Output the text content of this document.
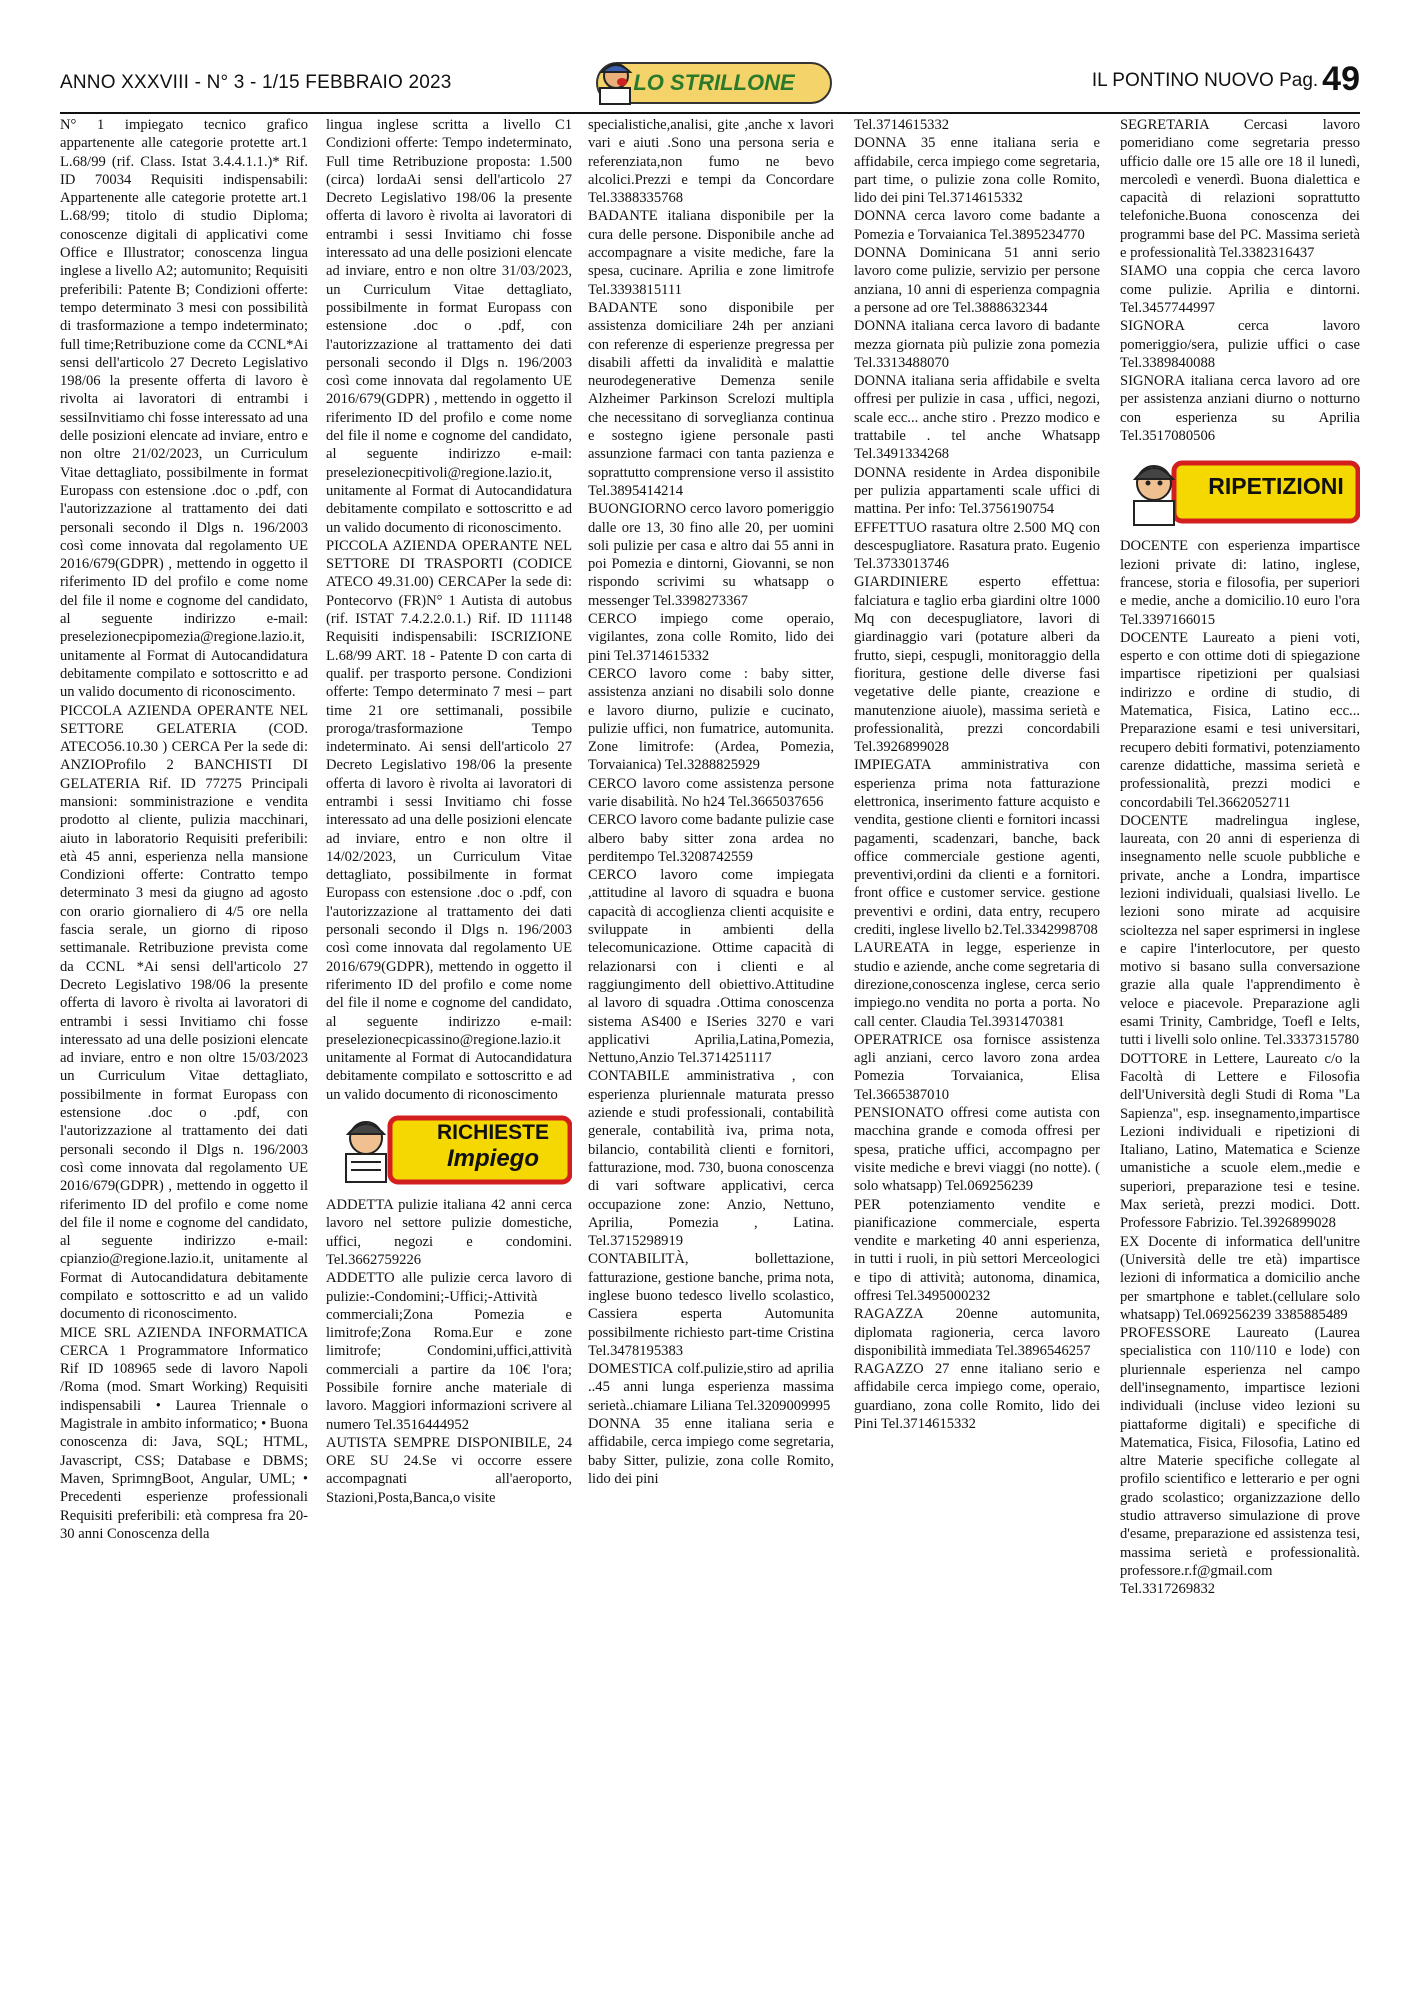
ANNO XXXVIII - N° 3 - 1/15 FEBBRAIO 2023	LO STRILLONE	IL PONTINO NUOVO Pag. 49

N° 1 impiegato tecnico grafico appartenente alle categorie protette art.1 L.68/99 (rif. Class. Istat 3.4.4.1.1.)* Rif. ID 70034 Requisiti indispensabili: Appartenente alle categorie protette art.1 L.68/99; titolo di studio Diploma; conoscenze digitali di applicativi come Office e Illustrator; conoscenza lingua inglese a livello A2; automunito; Requisiti preferibili: Patente B; Condizioni offerte: tempo determinato 3 mesi con possibilità di trasformazione a tempo indeterminato; full time;Retribuzione come da CCNL*Ai sensi dell'articolo 27 Decreto Legislativo 198/06 la presente offerta di lavoro è rivolta ai lavoratori di entrambi i sessiInvitiamo chi fosse interessato ad una delle posizioni elencate ad inviare, entro e non oltre 21/02/2023, un Curriculum Vitae dettagliato, possibilmente in format Europass con estensione .doc o .pdf, con l'autorizzazione al trattamento dei dati personali secondo il Dlgs n. 196/2003 così come innovata dal regolamento UE 2016/679(GDPR) , mettendo in oggetto il riferimento ID del profilo e come nome del file il nome e cognome del candidato, al seguente indirizzo e-mail: preselezionecpipomezia@regione.lazio.it, unitamente al Format di Autocandidatura debitamente compilato e sottoscritto e ad un valido documento di riconoscimento.

PICCOLA AZIENDA OPERANTE NEL SETTORE GELATERIA (COD. ATECO56.10.30 ) CERCA Per la sede di: ANZIOProfilo 2 BANCHISTI DI GELATERIA Rif. ID 77275 Principali mansioni: somministrazione e vendita prodotto al cliente, pulizia macchinari, aiuto in laboratorio Requisiti preferibili: età 45 anni, esperienza nella mansione Condizioni offerte: Contratto tempo determinato 3 mesi da giugno ad agosto con orario giornaliero di 4/5 ore nella fascia serale, un giorno di riposo settimanale. Retribuzione prevista come da CCNL *Ai sensi dell'articolo 27 Decreto Legislativo 198/06 la presente offerta di lavoro è rivolta ai lavoratori di entrambi i sessi Invitiamo chi fosse interessato ad una delle posizioni elencate ad inviare, entro e non oltre 15/03/2023 un Curriculum Vitae dettagliato, possibilmente in format Europass con estensione .doc o .pdf, con l'autorizzazione al trattamento dei dati personali secondo il Dlgs n. 196/2003 così come innovata dal regolamento UE 2016/679(GDPR) , mettendo in oggetto il riferimento ID del profilo e come nome del file il nome e cognome del candidato, al seguente indirizzo e-mail: cpianzio@regione.lazio.it, unitamente al Format di Autocandidatura debitamente compilato e sottoscritto e ad un valido documento di riconoscimento.

MICE SRL AZIENDA INFORMATICA CERCA 1 Programmatore Informatico Rif ID 108965 sede di lavoro Napoli /Roma (mod. Smart Working) Requisiti indispensabili • Laurea Triennale o Magistrale in ambito informatico; • Buona conoscenza di: Java, SQL; HTML, Javascript, CSS; Database e DBMS; Maven, SprimngBoot, Angular, UML; • Precedenti esperienze professionali Requisiti preferibili: età compresa fra 20-30 anni Conoscenza della

lingua inglese scritta a livello C1 Condizioni offerte: Tempo indeterminato, Full time Retribuzione proposta: 1.500 (circa) lordaAi sensi dell'articolo 27 Decreto Legislativo 198/06 la presente offerta di lavoro è rivolta ai lavoratori di entrambi i sessi Invitiamo chi fosse interessato ad una delle posizioni elencate ad inviare, entro e non oltre 31/03/2023, un Curriculum Vitae dettagliato, possibilmente in format Europass con estensione .doc o .pdf, con l'autorizzazione al trattamento dei dati personali secondo il Dlgs n. 196/2003 così come innovata dal regolamento UE 2016/679(GDPR) , mettendo in oggetto il riferimento ID del profilo e come nome del file il nome e cognome del candidato, al seguente indirizzo e-mail: preselezionecpitivoli@regione.lazio.it, unitamente al Format di Autocandidatura debitamente compilato e sottoscritto e ad un valido documento di riconoscimento.

PICCOLA AZIENDA OPERANTE NEL SETTORE DI TRASPORTI (CODICE ATECO 49.31.00) CERCAPer la sede di: Pontecorvo (FR)N° 1 Autista di autobus (rif. ISTAT 7.4.2.2.0.1.) Rif. ID 111148 Requisiti indispensabili: ISCRIZIONE L.68/99 ART. 18 - Patente D con carta di qualif. per trasporto persone. Condizioni offerte: Tempo determinato 7 mesi – part time 21 ore settimanali, possibile proroga/trasformazione Tempo indeterminato. Ai sensi dell'articolo 27 Decreto Legislativo 198/06 la presente offerta di lavoro è rivolta ai lavoratori di entrambi i sessi Invitiamo chi fosse interessato ad una delle posizioni elencate ad inviare, entro e non oltre il 14/02/2023, un Curriculum Vitae dettagliato, possibilmente in format Europass con estensione .doc o .pdf, con l'autorizzazione al trattamento dei dati personali secondo il Dlgs n. 196/2003 così come innovata dal regolamento UE 2016/679(GDPR), mettendo in oggetto il riferimento ID del profilo e come nome del file il nome e cognome del candidato, al seguente indirizzo e-mail: preselezionecpicassino@regione.lazio.it unitamente al Format di Autocandidatura debitamente compilato e sottoscritto e ad un valido documento di riconoscimento

RICHIESTE
Impiego

ADDETTA pulizie italiana 42 anni cerca lavoro nel settore pulizie domestiche, uffici, negozi e condomini. Tel.3662759226

ADDETTO alle pulizie cerca lavoro di pulizie:-Condomini;-Uffici;-Attività commerciali;Zona Pomezia e limitrofe;Zona Roma.Eur e zone limitrofe; Condomini,uffici,attività commerciali a partire da 10€ l'ora; Possibile fornire anche materiale di lavoro. Maggiori informazioni scrivere al numero Tel.3516444952

AUTISTA SEMPRE DISPONIBILE, 24 ORE SU 24.Se vi occorre essere accompagnati all'aeroporto, Stazioni,Posta,Banca,o visite

specialistiche,analisi, gite ,anche x lavori vari e aiuti .Sono una persona seria e referenziata,non fumo ne bevo alcolici.Prezzi e tempi da Concordare Tel.3388335768

BADANTE italiana disponibile per la cura delle persone. Disponibile anche ad accompagnare a visite mediche, fare la spesa, cucinare. Aprilia e zone limitrofe Tel.3393815111

BADANTE sono disponibile per assistenza domiciliare 24h per anziani con referenze di esperienze pregressa per disabili affetti da invalidità e malattie neurodegenerative Demenza senile Alzheimer Parkinson Screlozi multipla che necessitano di sorveglianza continua e sostegno igiene personale pasti assunzione farmaci con tanta pazienza e soprattutto comprensione verso il assistito Tel.3895414214

BUONGIORNO cerco lavoro pomeriggio dalle ore 13, 30 fino alle 20, per uomini soli pulizie per casa e altro dai 55 anni in poi Pomezia e dintorni, Giovanni, se non rispondo scrivimi su whatsapp o messenger Tel.3398273367

CERCO impiego come operaio, vigilantes, zona colle Romito, lido dei pini Tel.3714615332

CERCO lavoro come : baby sitter, assistenza anziani no disabili solo donne e lavoro diurno, pulizie e cucinato, pulizie uffici, non fumatrice, automunita. Zone limitrofe: (Ardea, Pomezia, Torvaianica) Tel.3288825929

CERCO lavoro come assistenza persone varie disabilità. No h24 Tel.3665037656

CERCO lavoro come badante pulizie case albero baby sitter zona ardea no perditempo Tel.3208742559

CERCO lavoro come impiegata ,attitudine al lavoro di squadra e buona capacità di accoglienza clienti acquisite e sviluppate in ambienti della telecomunicazione. Ottime capacità di relazionarsi con i clienti e al raggiungimento dell obiettivo.Attitudine al lavoro di squadra .Ottima conoscenza sistema AS400 e ISeries 3270 e vari applicativi Aprilia,Latina,Pomezia, Nettuno,Anzio Tel.3714251117

CONTABILE amministrativa , con esperienza pluriennale maturata presso aziende e studi professionali, contabilità generale, contabilità iva, prima nota, bilancio, contabilità clienti e fornitori, fatturazione, mod. 730, buona conoscenza di vari software applicativi, cerca occupazione zone: Anzio, Nettuno, Aprilia, Pomezia , Latina. Tel.3715298919

CONTABILITÀ, bollettazione, fatturazione, gestione banche, prima nota, inglese buono tedesco livello scolastico, Cassiera esperta Automunita possibilmente richiesto part-time Cristina Tel.3478195383

DOMESTICA colf.pulizie,stiro ad aprilia ..45 anni lunga esperienza massima serietà..chiamare Liliana Tel.3209009995

DONNA 35 enne italiana seria e affidabile, cerca impiego come segretaria, baby Sitter, pulizie, zona colle Romito, lido dei pini

Tel.3714615332

DONNA 35 enne italiana seria e affidabile, cerca impiego come segretaria, part time, o pulizie zona colle Romito, lido dei pini Tel.3714615332

DONNA cerca lavoro come badante a Pomezia e Torvaianica Tel.3895234770

DONNA Dominicana 51 anni serio lavoro come pulizie, servizio per persone anziana, 10 anni di esperienza compagnia a persone ad ore Tel.3888632344

DONNA italiana cerca lavoro di badante mezza giornata più pulizie zona pomezia Tel.3313488070

DONNA italiana seria affidabile e svelta offresi per pulizie in casa , uffici, negozi, scale ecc... anche stiro . Prezzo modico e trattabile . tel anche Whatsapp Tel.3491334268

DONNA residente in Ardea disponibile per pulizia appartamenti scale uffici di mattina. Per info: Tel.3756190754

EFFETTUO rasatura oltre 2.500 MQ con descespugliatore. Rasatura prato. Eugenio Tel.3733013746

GIARDINIERE esperto effettua: falciatura e taglio erba giardini oltre 1000 Mq con decespugliatore, lavori di giardinaggio vari (potature alberi da frutto, siepi, cespugli, monitoraggio della fioritura, gestione delle diverse fasi vegetative delle piante, creazione e manutenzione aiuole), massima serietà e professionalità, prezzi concordabili Tel.3926899028

IMPIEGATA amministrativa con esperienza prima nota fatturazione elettronica, inserimento fatture acquisto e vendita, gestione clienti e fornitori incassi pagamenti, scadenzari, banche, back office commerciale gestione agenti, preventivi,ordini da clienti e a fornitori. front office e customer service. gestione preventivi e ordini, data entry, recupero crediti, inglese livello b2.Tel.3342998708

LAUREATA in legge, esperienze in studio e aziende, anche come segretaria di direzione,conoscenza inglese, cerca serio impiego.no vendita no porta a porta. No call center. Claudia Tel.3931470381

OPERATRICE osa fornisce assistenza agli anziani, cerco lavoro zona ardea Pomezia Torvaianica, Elisa Tel.3665387010

PENSIONATO offresi come autista con macchina grande e comoda offresi per spesa, pratiche uffici, accompagno per visite mediche e brevi viaggi (no notte). ( solo whatsapp) Tel.069256239

PER potenziamento vendite e pianificazione commerciale, esperta vendite e marketing 40 anni esperienza, in tutti i ruoli, in più settori Merceologici e tipo di attività; autonoma, dinamica, offresi Tel.3495000232

RAGAZZA 20enne automunita, diplomata ragioneria, cerca lavoro disponibilità immediata Tel.3896546257

RAGAZZO 27 enne italiano serio e affidabile cerca impiego come, operaio, guardiano, zona colle Romito, lido dei Pini Tel.3714615332

SEGRETARIA Cercasi lavoro pomeridiano come segretaria presso ufficio dalle ore 15 alle ore 18 il lunedì, mercoledì e venerdì. Buona dialettica e capacità di relazioni soprattutto telefoniche.Buona conoscenza dei programmi base del PC. Massima serietà e professionalità Tel.3382316437

SIAMO una coppia che cerca lavoro come pulizie. Aprilia e dintorni. Tel.3457744997

SIGNORA cerca lavoro pomeriggio/sera, pulizie uffici o case Tel.3389840088

SIGNORA italiana cerca lavoro ad ore per assistenza anziani diurno o notturno con esperienza su Aprilia Tel.3517080506

RIPETIZIONI

DOCENTE con esperienza impartisce lezioni private di: latino, inglese, francese, storia e filosofia, per superiori e medie, anche a domicilio.10 euro l'ora Tel.3397166015

DOCENTE Laureato a pieni voti, esperto e con ottime doti di spiegazione impartisce ripetizioni per qualsiasi indirizzo e ordine di studio, di Matematica, Fisica, Latino ecc... Preparazione esami e tesi universitari, recupero debiti formativi, potenziamento carenze didattiche, massima serietà e professionalità, prezzi modici e concordabili Tel.3662052711

DOCENTE madrelingua inglese, laureata, con 20 anni di esperienza di insegnamento nelle scuole pubbliche e private, anche a Londra, impartisce lezioni individuali, qualsiasi livello. Le lezioni sono mirate ad acquisire scioltezza nel saper esprimersi in inglese e capire l'interlocutore, per questo motivo si basano sulla conversazione grazie alla quale l'apprendimento è veloce e piacevole. Preparazione agli esami Trinity, Cambridge, Toefl e Ielts, tutti i livelli solo online. Tel.3337315780

DOTTORE in Lettere, Laureato c/o la Facoltà di Lettere e Filosofia dell'Università degli Studi di Roma "La Sapienza", esp. insegnamento,impartisce Lezioni individuali e ripetizioni di Italiano, Latino, Matematica e Scienze umanistiche a scuole elem.,medie e superiori, preparazione tesi e tesine. Max serietà, prezzi modici. Dott. Professore Fabrizio. Tel.3926899028

EX Docente di informatica dell'unitre (Università delle tre età) impartisce lezioni di informatica a domicilio anche per smartphone e tablet.(cellulare solo whatsapp) Tel.069256239 3385885489

PROFESSORE Laureato (Laurea specialistica con 110/110 e lode) con pluriennale esperienza nel campo dell'insegnamento, impartisce lezioni individuali (incluse video lezioni su piattaforme digitali) e specifiche di Matematica, Fisica, Filosofia, Latino ed altre Materie specifiche collegate al profilo scientifico e letterario e per ogni grado scolastico; organizzazione dello studio attraverso simulazione di prove d'esame, preparazione ed assistenza tesi, massima serietà e professionalità. professore.r.f@gmail.com Tel.3317269832
